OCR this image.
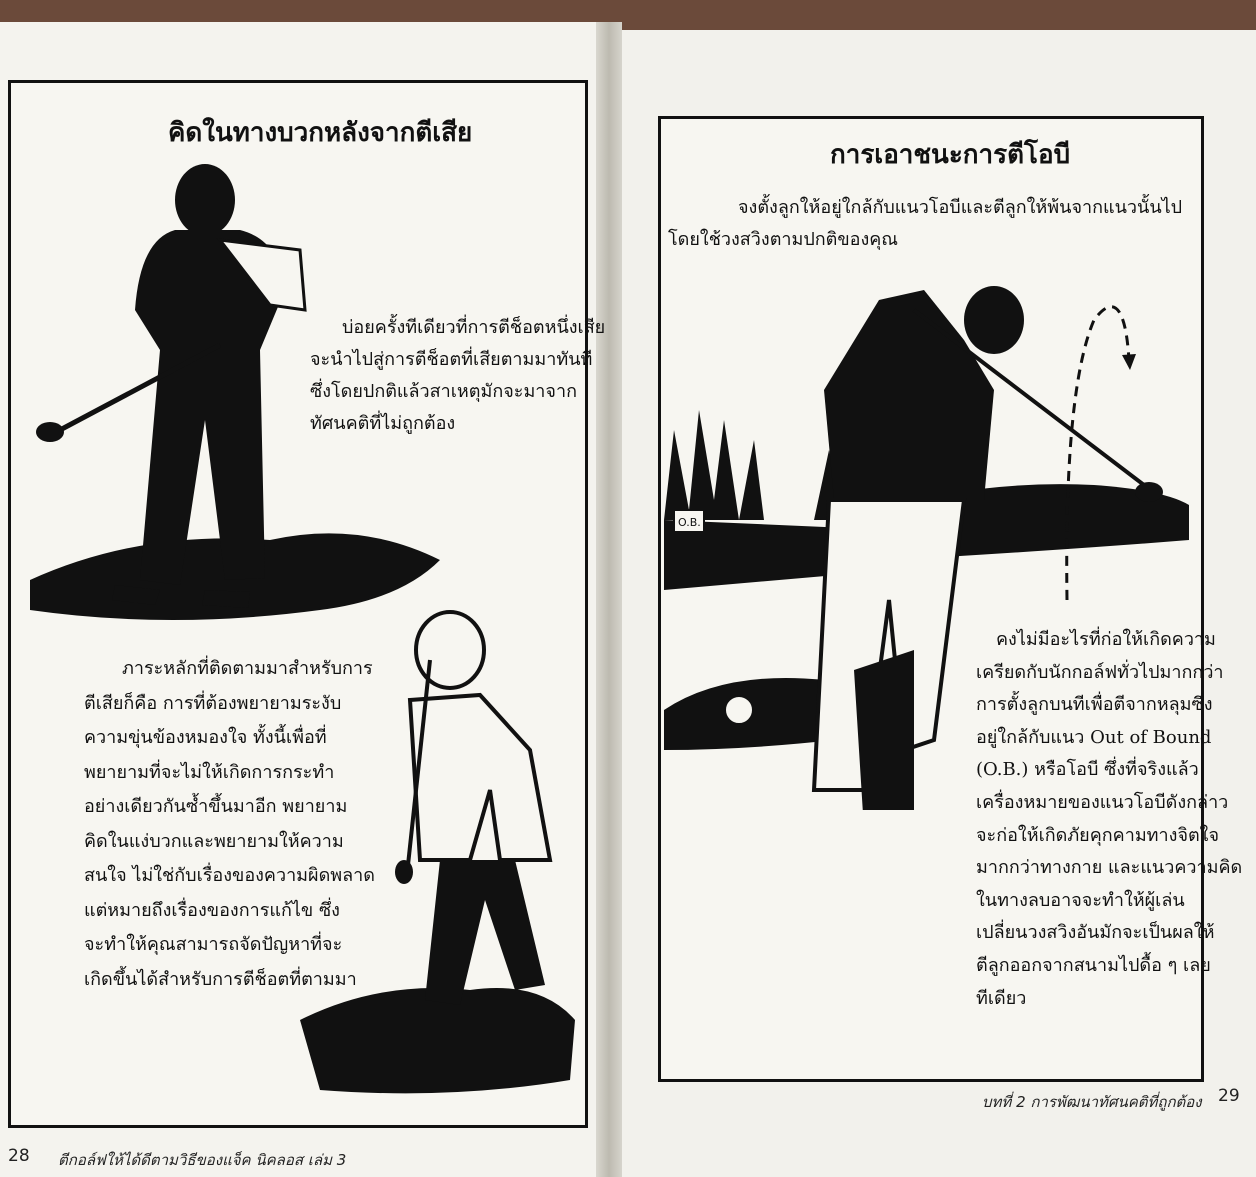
คิดในทางบวกหลังจากตีเสีย
บ่อยครั้งทีเดียวที่การตีช็อตหนึ่งเสีย
จะนำไปสู่การตีช็อตที่เสียตามมาทันที
ซึ่งโดยปกติแล้วสาเหตุมักจะมาจาก
ทัศนคติที่ไม่ถูกต้อง
ภาระหลักที่ติดตามมาสำหรับการ
ตีเสียก็คือ การที่ต้องพยายามระงับ
ความขุ่นข้องหมองใจ ทั้งนี้เพื่อที่
พยายามที่จะไม่ให้เกิดการกระทำ
อย่างเดียวกันซ้ำขึ้นมาอีก พยายาม
คิดในแง่บวกและพยายามให้ความ
สนใจ ไม่ใช่กับเรื่องของความผิดพลาด
แต่หมายถึงเรื่องของการแก้ไข ซึ่ง
จะทำให้คุณสามารถจัดปัญหาที่จะ
เกิดขึ้นได้สำหรับการตีช็อตที่ตามมา
28 ตีกอล์ฟให้ได้ดีตามวิธีของแจ็ค นิคลอส เล่ม 3
การเอาชนะการตีโอบี
จงตั้งลูกให้อยู่ใกล้กับแนวโอบีและตีลูกให้พ้นจากแนวนั้นไป
โดยใช้วงสวิงตามปกติของคุณ
O.B.
คงไม่มีอะไรที่ก่อให้เกิดความ
เครียดกับนักกอล์ฟทั่วไปมากกว่า
การตั้งลูกบนทีเพื่อตีจากหลุมซึ่ง
อยู่ใกล้กับแนว Out of Bound
(O.B.) หรือโอบี ซึ่งที่จริงแล้ว
เครื่องหมายของแนวโอบีดังกล่าว
จะก่อให้เกิดภัยคุกคามทางจิตใจ
มากกว่าทางกาย และแนวความคิด
ในทางลบอาจจะทำให้ผู้เล่น
เปลี่ยนวงสวิงอันมักจะเป็นผลให้
ตีลูกออกจากสนามไปดื้อ ๆ เลย
ทีเดียว
บทที่ 2 การพัฒนาทัศนคติที่ถูกต้อง 29
